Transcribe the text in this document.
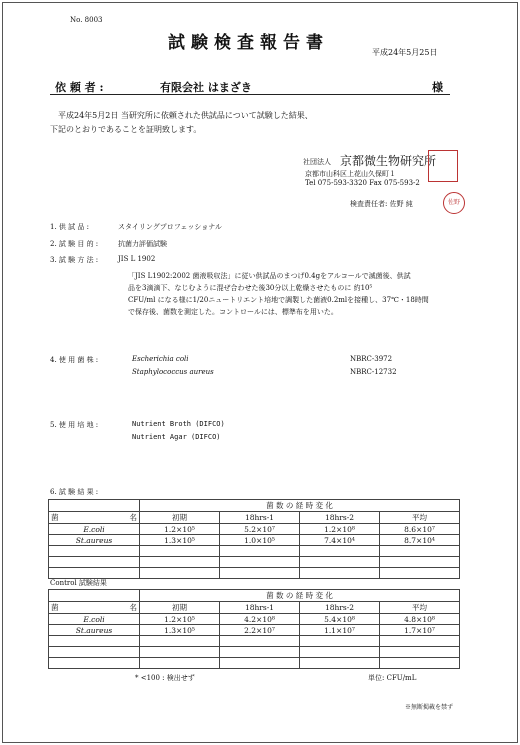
No. 8003
試験検査報告書	平成24年5月25日
依 頼 者 :	有限会社 はまざき	様
平成24年5月2日 当研究所に依頼された供試品について試験した結果、
下記のとおりであることを証明致します。
社団法人 京都微生物研究所
京都市山科区上花山久保町１
Tel 075-593-3320 Fax 075-593-2
検査責任者: 佐野 純	佐野
1. 供 試 品 :	スタイリングプロフェッショナル
2. 試 験 目 的 :	抗菌力評価試験
3. 試 験 方 法 :	JIS L 1902
「JIS L1902:2002 菌液吸収法」に従い供試品のまつげ0.4gをアルコールで滅菌後、供試
品を3滴滴下、なじむように混ぜ合わせた後30分以上乾燥させたものに 約10⁵
CFU/ml になる様に1/20ニュートリエント培地で調製した菌液0.2mlを接種し、37℃・18時間
で保存後、菌数を測定した。コントロールには、標準布を用いた。
4. 使 用 菌 株 :	Escherichia coli	NBRC-3972
Staphylococcus aureus	NBRC-12732
5. 使 用 培 地 :	Nutrient Broth (DIFCO)
Nutrient Agar (DIFCO)
6. 試 験 結 果 :
	菌 数 の 経 時 変 化			
菌 名	初期	18hrs-1	18hrs-2	平均
E.coli	1.2×10⁵	5.2×10⁷	1.2×10⁸	8.6×10⁷
St.aureus	1.3×10⁵	1.0×10⁵	7.4×10⁴	8.7×10⁴

Control 試験結果
	菌 数 の 経 時 変 化			
菌 名	初期	18hrs-1	18hrs-2	平均
E.coli	1.2×10⁵	4.2×10⁸	5.4×10⁸	4.8×10⁸
St.aureus	1.3×10⁵	2.2×10⁷	1.1×10⁷	1.7×10⁷

* <100 : 検出せず	単位: CFU/mL
※無断掲載を禁ず
